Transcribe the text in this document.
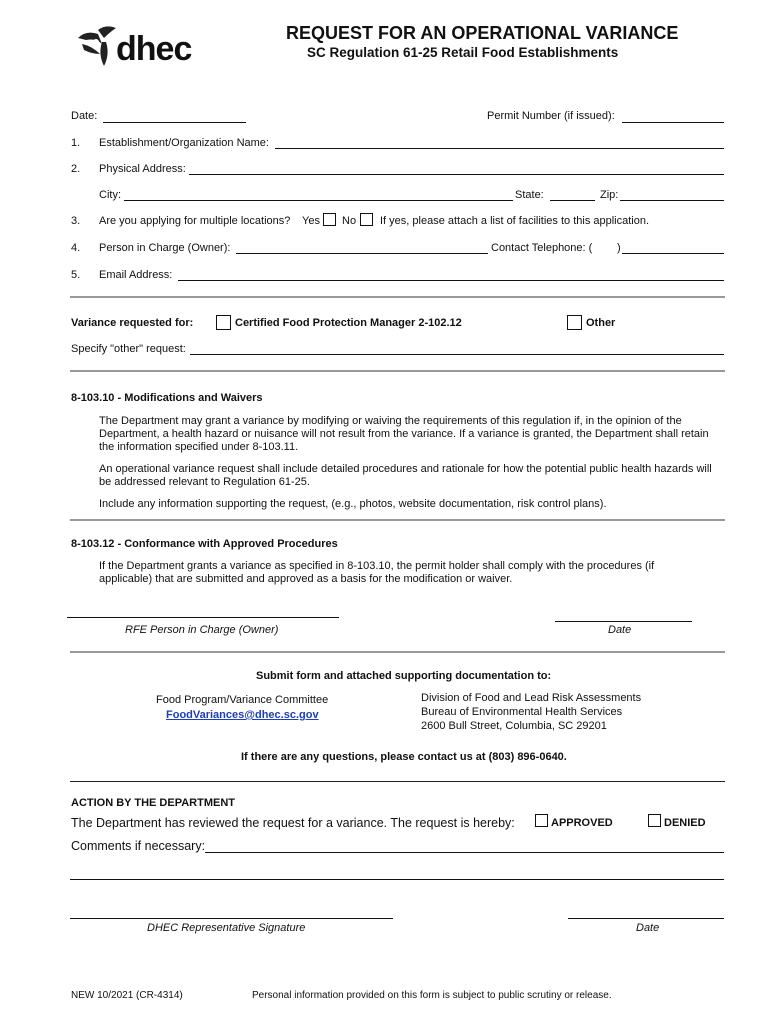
dhec	REQUEST FOR AN OPERATIONAL VARIANCE
SC Regulation 61-25 Retail Food Establishments
Date:	Permit Number (if issued):
1. Establishment/Organization Name:
2. Physical Address:
City:	State:	Zip:
3. Are you applying for multiple locations? Yes No If yes, please attach a list of facilities to this application.
4. Person in Charge (Owner):	Contact Telephone: ( )
5. Email Address:
Variance requested for:	Certified Food Protection Manager 2-102.12	Other
Specify "other" request:
8-103.10 - Modifications and Waivers
The Department may grant a variance by modifying or waiving the requirements of this regulation if, in the opinion of the Department, a health hazard or nuisance will not result from the variance. If a variance is granted, the Department shall retain the information specified under 8-103.11.
An operational variance request shall include detailed procedures and rationale for how the potential public health hazards will be addressed relevant to Regulation 61-25.
Include any information supporting the request, (e.g., photos, website documentation, risk control plans).
8-103.12 - Conformance with Approved Procedures
If the Department grants a variance as specified in 8-103.10, the permit holder shall comply with the procedures (if applicable) that are submitted and approved as a basis for the modification or waiver.
RFE Person in Charge (Owner)	Date
Submit form and attached supporting documentation to:
Food Program/Variance Committee
FoodVariances@dhec.sc.gov
Division of Food and Lead Risk Assessments
Bureau of Environmental Health Services
2600 Bull Street, Columbia, SC 29201
If there are any questions, please contact us at (803) 896-0640.
ACTION BY THE DEPARTMENT
The Department has reviewed the request for a variance. The request is hereby:	APPROVED	DENIED
Comments if necessary:
DHEC Representative Signature	Date
NEW 10/2021 (CR-4314)	Personal information provided on this form is subject to public scrutiny or release.
